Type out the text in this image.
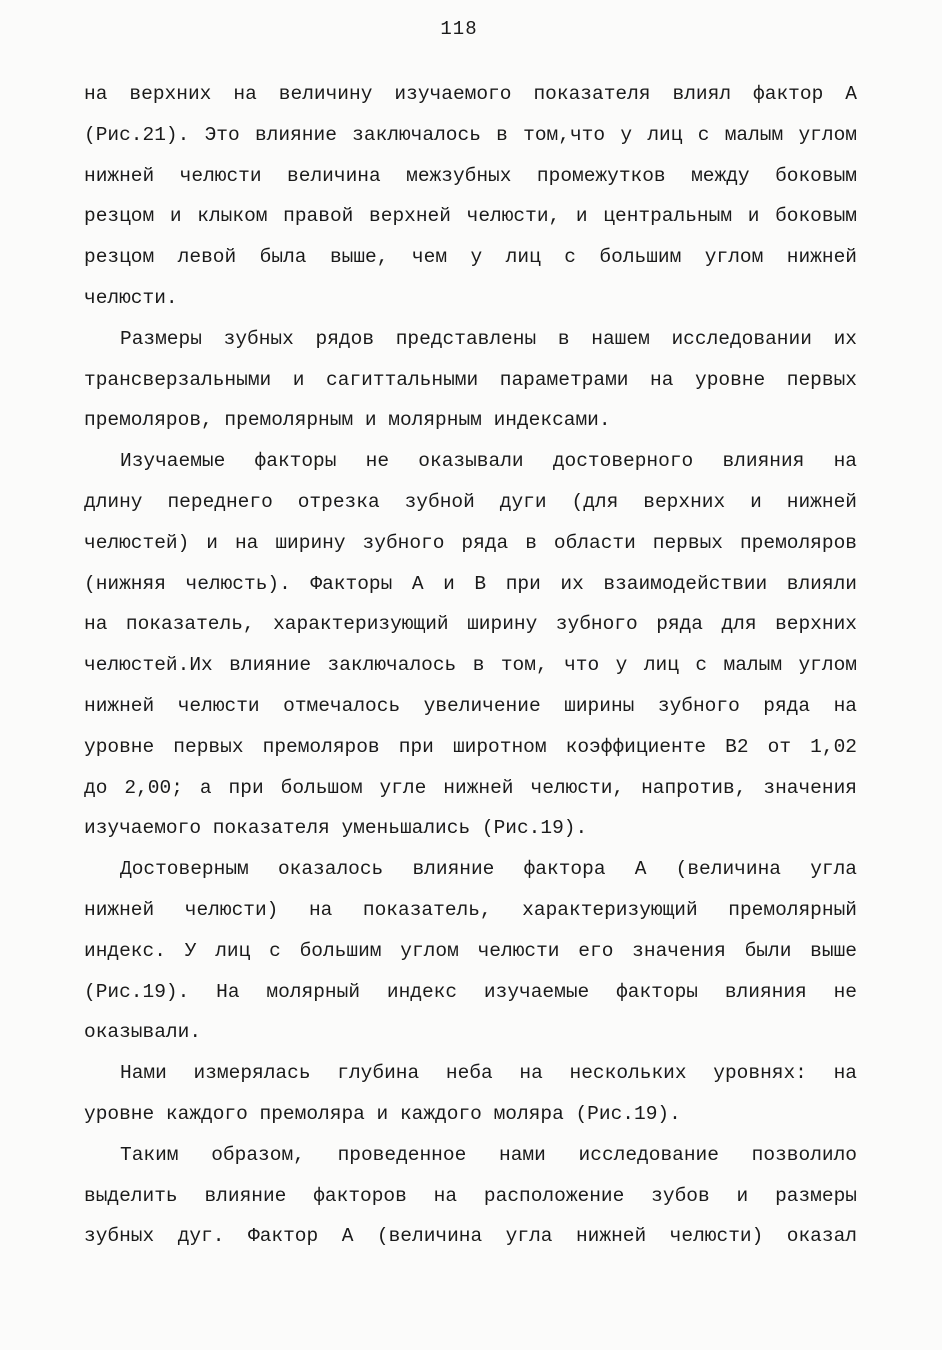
118
на верхних на величину изучаемого показателя влиял фактор А
(Рис.21). Это влияние заключалось в том,что у лиц с малым углом
нижней челюсти величина межзубных промежутков между боковым
резцом и клыком правой верхней челюсти, и центральным и боковым
резцом левой была выше, чем у лиц с большим углом нижней
челюсти.
Размеры зубных рядов представлены в нашем исследовании их
трансверзальными и сагиттальными параметрами на уровне первых
премоляров, премолярным и молярным индексами.
Изучаемые факторы не оказывали достоверного влияния на
длину переднего отрезка зубной дуги (для верхних и нижней
челюстей) и на ширину зубного ряда в области первых премоляров
(нижняя челюсть). Факторы А и В при их взаимодействии влияли
на показатель, характеризующий ширину зубного ряда для верхних
челюстей.Их влияние заключалось в том, что у лиц с малым углом
нижней челюсти отмечалось увеличение ширины зубного ряда на
уровне первых премоляров при широтном коэффициенте В2 от 1,02
до 2,00; а при большом угле нижней челюсти, напротив, значения
изучаемого показателя уменьшались (Рис.19).
Достоверным оказалось влияние фактора А (величина угла
нижней челюсти) на показатель, характеризующий премолярный
индекс. У лиц с большим углом челюсти его значения были выше
(Рис.19). На молярный индекс изучаемые факторы влияния не
оказывали.
Нами измерялась глубина неба на нескольких уровнях: на
уровне каждого премоляра и каждого моляра (Рис.19).
Таким образом, проведенное нами исследование позволило
выделить влияние факторов на расположение зубов и размеры
зубных дуг. Фактор А (величина угла нижней челюсти) оказал
